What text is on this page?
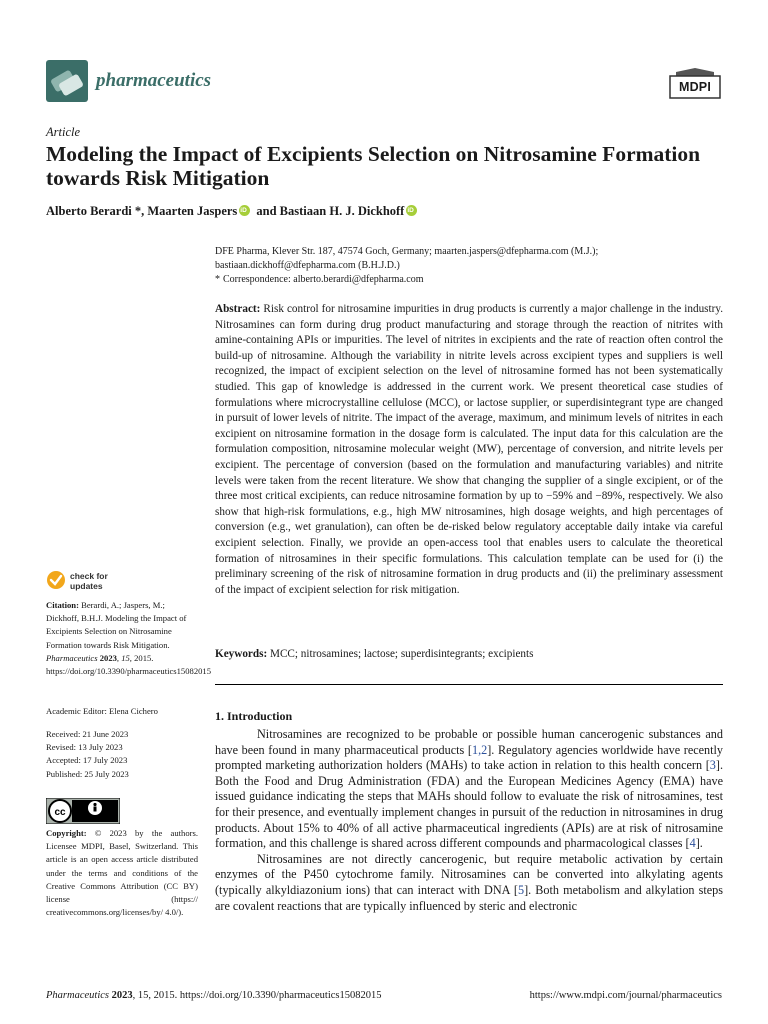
pharmaceutics	MDPI
Article
Modeling the Impact of Excipients Selection on Nitrosamine Formation towards Risk Mitigation
Alberto Berardi *, Maarten JaspersiD and Bastiaan H. J. DickhoffiD
DFE Pharma, Klever Str. 187, 47574 Goch, Germany; maarten.jaspers@dfepharma.com (M.J.);
bastiaan.dickhoff@dfepharma.com (B.H.J.D.)
* Correspondence: alberto.berardi@dfepharma.com
Abstract: Risk control for nitrosamine impurities in drug products is currently a major challenge in the industry. Nitrosamines can form during drug product manufacturing and storage through the reaction of nitrites with amine-containing APIs or impurities. The level of nitrites in excipients and the rate of reaction often control the build-up of nitrosamine. Although the variability in nitrite levels across excipient types and suppliers is well recognized, the impact of excipient selection on the level of nitrosamine formed has not been systematically studied. This gap of knowledge is addressed in the current work. We present theoretical case studies of formulations where microcrystalline cellulose (MCC), or lactose supplier, or superdisintegrant type are changed in pursuit of lower levels of nitrite. The impact of the average, maximum, and minimum levels of nitrites in each excipient on nitrosamine formation in the dosage form is calculated. The input data for this calculation are the formulation composition, nitrosamine molecular weight (MW), percentage of conversion, and nitrite levels per excipient. The percentage of conversion (based on the formulation and manufacturing variables) and nitrite levels were taken from the recent literature. We show that changing the supplier of a single excipient, or of the three most critical excipients, can reduce nitrosamine formation by up to −59% and −89%, respectively. We also show that high-risk formulations, e.g., high MW nitrosamines, high dosage weights, and high percentages of conversion (e.g., wet granulation), can often be de-risked below regulatory acceptable daily intake via careful excipient selection. Finally, we provide an open-access tool that enables users to calculate the theoretical formation of nitrosamines in their specific formulations. This calculation template can be used for (i) the preliminary screening of the risk of nitrosamine formation in drug products and (ii) the preliminary assessment of the impact of excipient selection for risk mitigation.
Keywords: MCC; nitrosamines; lactose; superdisintegrants; excipients
check for updates
Citation: Berardi, A.; Jaspers, M.; Dickhoff, B.H.J. Modeling the Impact of Excipients Selection on Nitrosamine Formation towards Risk Mitigation. Pharmaceutics 2023, 15, 2015. https://doi.org/10.3390/pharmaceutics15082015
Academic Editor: Elena Cichero
Received: 21 June 2023
Revised: 13 July 2023
Accepted: 17 July 2023
Published: 25 July 2023
cc
Copyright: © 2023 by the authors. Licensee MDPI, Basel, Switzerland. This article is an open access article distributed under the terms and conditions of the Creative Commons Attribution (CC BY) license (https:// creativecommons.org/licenses/by/ 4.0/).
1. Introduction

Nitrosamines are recognized to be probable or possible human cancerogenic substances and have been found in many pharmaceutical products [1,2]. Regulatory agencies worldwide have recently prompted marketing authorization holders (MAHs) to take action in relation to this health concern [3]. Both the Food and Drug Administration (FDA) and the European Medicines Agency (EMA) have issued guidance indicating the steps that MAHs should follow to evaluate the risk of nitrosamines, test for their presence, and eventually implement changes in pursuit of the reduction in nitrosamines in drug products. About 15% to 40% of all active pharmaceutical ingredients (APIs) are at risk of nitrosamine formation, and this challenge is shared across different compounds and pharmacological classes [4].

Nitrosamines are not directly cancerogenic, but require metabolic activation by certain enzymes of the P450 cytochrome family. Nitrosamines can be converted into alkylating agents (typically alkyldiazonium ions) that can interact with DNA [5]. Both metabolism and alkylation steps are covalent reactions that are typically influenced by steric and electronic

Pharmaceutics 2023, 15, 2015. https://doi.org/10.3390/pharmaceutics15082015	https://www.mdpi.com/journal/pharmaceutics
